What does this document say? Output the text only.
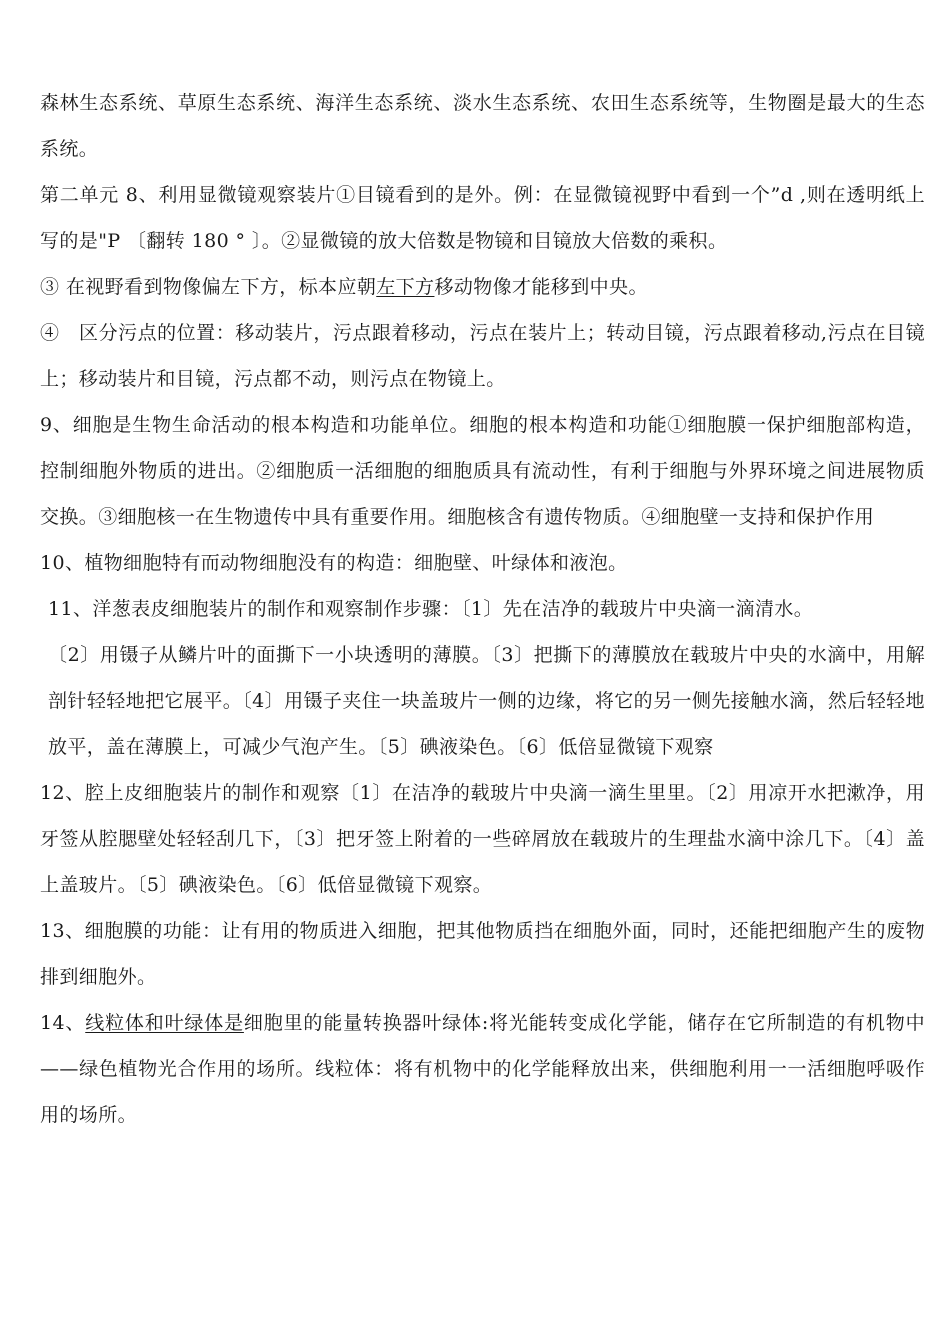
森林生态系统、草原生态系统、海洋生态系统、淡水生态系统、农田生态系统等，生物圈是最大的生态系统。

第二单元 8、利用显微镜观察装片①目镜看到的是外。例：在显微镜视野中看到一个”d ,则在透明纸上写的是"P 〔翻转 180 ° 〕。②显微镜的放大倍数是物镜和目镜放大倍数的乘积。

③ 在视野看到物像偏左下方，标本应朝左下方移动物像才能移到中央。

④　区分污点的位置：移动装片，污点跟着移动，污点在装片上；转动目镜，污点跟着移动,污点在目镜上；移动装片和目镜，污点都不动，则污点在物镜上。

9、细胞是生物生命活动的根本构造和功能单位。细胞的根本构造和功能①细胞膜一保护细胞部构造，控制细胞外物质的进出。②细胞质一活细胞的细胞质具有流动性，有利于细胞与外界环境之间进展物质交换。③细胞核一在生物遗传中具有重要作用。细胞核含有遗传物质。④细胞壁一支持和保护作用

10、植物细胞特有而动物细胞没有的构造：细胞壁、叶绿体和液泡。

11、洋葱表皮细胞装片的制作和观察制作步骤：〔1〕先在洁净的载玻片中央滴一滴清水。

〔2〕用镊子从鳞片叶的面撕下一小块透明的薄膜。〔3〕把撕下的薄膜放在载玻片中央的水滴中，用解剖针轻轻地把它展平。〔4〕用镊子夹住一块盖玻片一侧的边缘，将它的另一侧先接触水滴，然后轻轻地放平，盖在薄膜上，可减少气泡产生。〔5〕碘液染色。〔6〕低倍显微镜下观察

12、腔上皮细胞装片的制作和观察〔1〕在洁净的载玻片中央滴一滴生里里。〔2〕用凉开水把漱净，用牙签从腔腮壁处轻轻刮几下，〔3〕把牙签上附着的一些碎屑放在载玻片的生理盐水滴中涂几下。〔4〕盖上盖玻片。〔5〕碘液染色。〔6〕低倍显微镜下观察。

13、细胞膜的功能：让有用的物质进入细胞，把其他物质挡在细胞外面，同时，还能把细胞产生的废物排到细胞外。

14、线粒体和叶绿体是细胞里的能量转换器叶绿体:将光能转变成化学能，储存在它所制造的有机物中——绿色植物光合作用的场所。线粒体：将有机物中的化学能释放出来，供细胞利用一一活细胞呼吸作用的场所。
